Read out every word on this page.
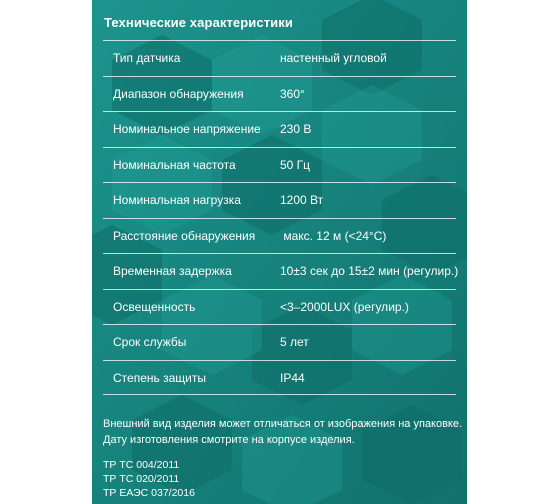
Технические характеристики
Тип датчика	настенный угловой
Диапазон обнаружения	360°
Номинальное напряжение 230 В
Номинальная частота	50 Гц
Номинальная нагрузка	1200 Вт
Расстояние обнаружения макс. 12 м (<24°С)
Временная задержка	10±3 сек до 15±2 мин (регулир.)
Освещенность	<3–2000LUX (регулир.)
Срок службы	5 лет
Степень защиты	IP44
Внешний вид изделия может отличаться от изображения на упаковке.
Дату изготовления смотрите на корпусе изделия.
ТР ТС 004/2011
ТР ТС 020/2011
ТР ЕАЭС 037/2016
